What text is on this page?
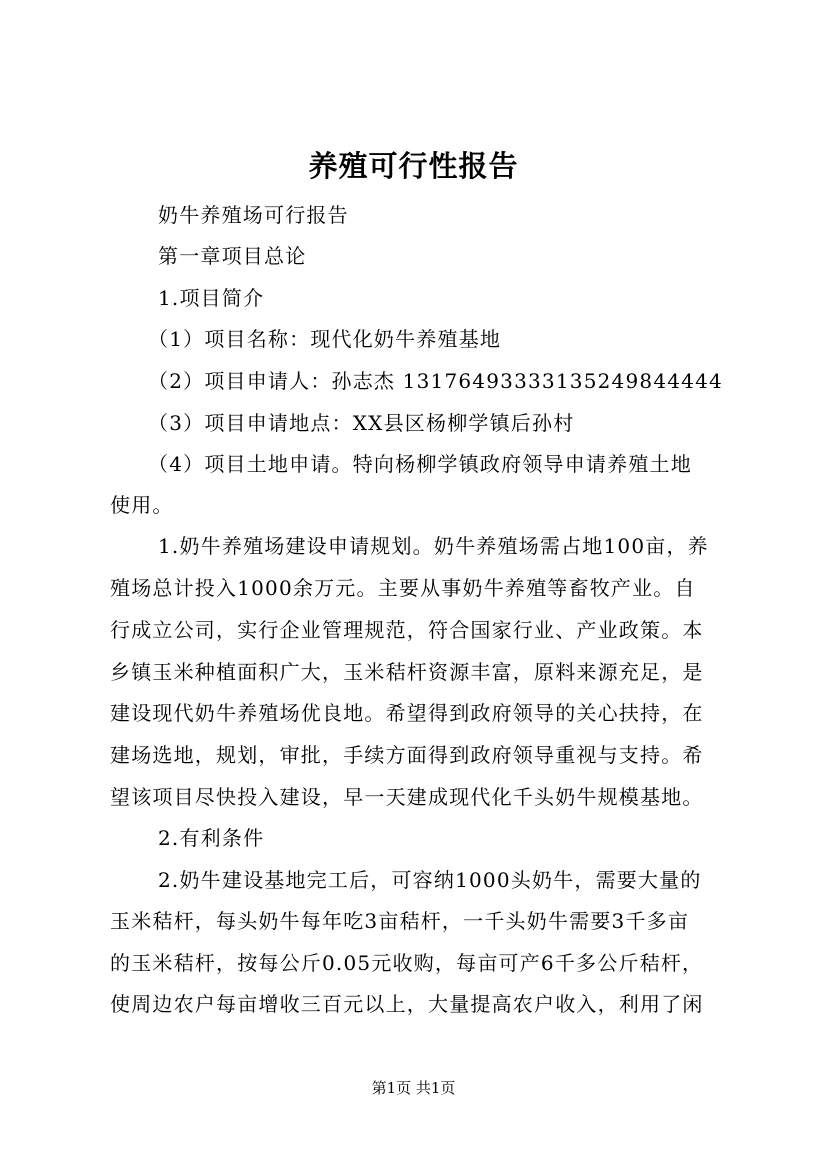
养殖可行性报告
奶牛养殖场可行报告
第一章项目总论
1.项目简介
（1）项目名称：现代化奶牛养殖基地
（2）项目申请人：孙志杰 13176493333135249844444
（3）项目申请地点：XX县区杨柳学镇后孙村
（4）项目土地申请。特向杨柳学镇政府领导申请养殖土地
使用。
1.奶牛养殖场建设申请规划。奶牛养殖场需占地100亩，养
殖场总计投入1000余万元。主要从事奶牛养殖等畜牧产业。自
行成立公司，实行企业管理规范，符合国家行业、产业政策。本
乡镇玉米种植面积广大，玉米秸杆资源丰富，原料来源充足，是
建设现代奶牛养殖场优良地。希望得到政府领导的关心扶持，在
建场选地，规划，审批，手续方面得到政府领导重视与支持。希
望该项目尽快投入建设，早一天建成现代化千头奶牛规模基地。
2.有利条件
2.奶牛建设基地完工后，可容纳1000头奶牛，需要大量的
玉米秸杆，每头奶牛每年吃3亩秸杆，一千头奶牛需要3千多亩
的玉米秸杆，按每公斤0.05元收购，每亩可产6千多公斤秸杆，
使周边农户每亩增收三百元以上，大量提高农户收入，利用了闲
第1页 共1页
